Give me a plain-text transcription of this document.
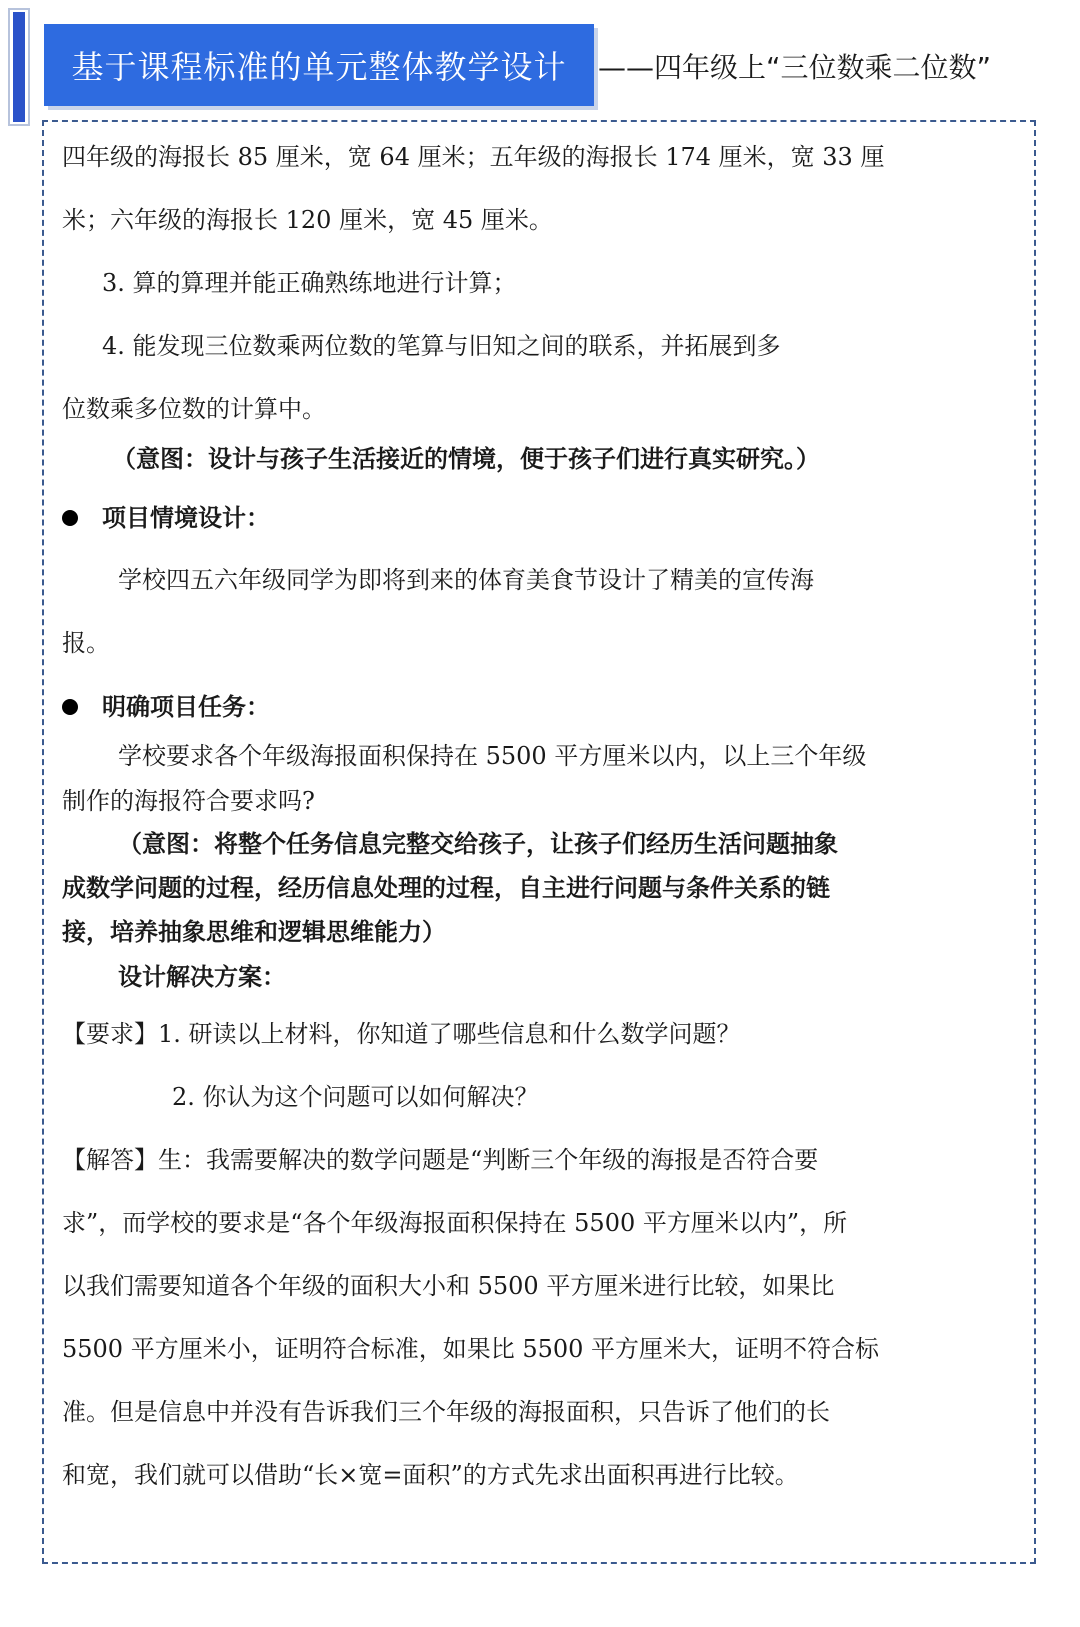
基于课程标准的单元整体教学设计 ——四年级上“三位数乘二位数”
四年级的海报长 85 厘米，宽 64 厘米；五年级的海报长 174 厘米，宽 33 厘
米；六年级的海报长 120 厘米，宽 45 厘米。
3. 算的算理并能正确熟练地进行计算；
4. 能发现三位数乘两位数的笔算与旧知之间的联系，并拓展到多
位数乘多位数的计算中。
（意图：设计与孩子生活接近的情境，便于孩子们进行真实研究。）
项目情境设计：
学校四五六年级同学为即将到来的体育美食节设计了精美的宣传海
报。
明确项目任务：
学校要求各个年级海报面积保持在 5500 平方厘米以内，以上三个年级
制作的海报符合要求吗?
（意图：将整个任务信息完整交给孩子，让孩子们经历生活问题抽象
成数学问题的过程，经历信息处理的过程，自主进行问题与条件关系的链
接，培养抽象思维和逻辑思维能力）
设计解决方案：
【要求】1. 研读以上材料，你知道了哪些信息和什么数学问题？
2. 你认为这个问题可以如何解决？
【解答】生：我需要解决的数学问题是“判断三个年级的海报是否符合要
求”，而学校的要求是“各个年级海报面积保持在 5500 平方厘米以内”，所
以我们需要知道各个年级的面积大小和 5500 平方厘米进行比较，如果比
5500 平方厘米小，证明符合标准，如果比 5500 平方厘米大，证明不符合标
准。但是信息中并没有告诉我们三个年级的海报面积，只告诉了他们的长
和宽，我们就可以借助“长×宽=面积”的方式先求出面积再进行比较。
